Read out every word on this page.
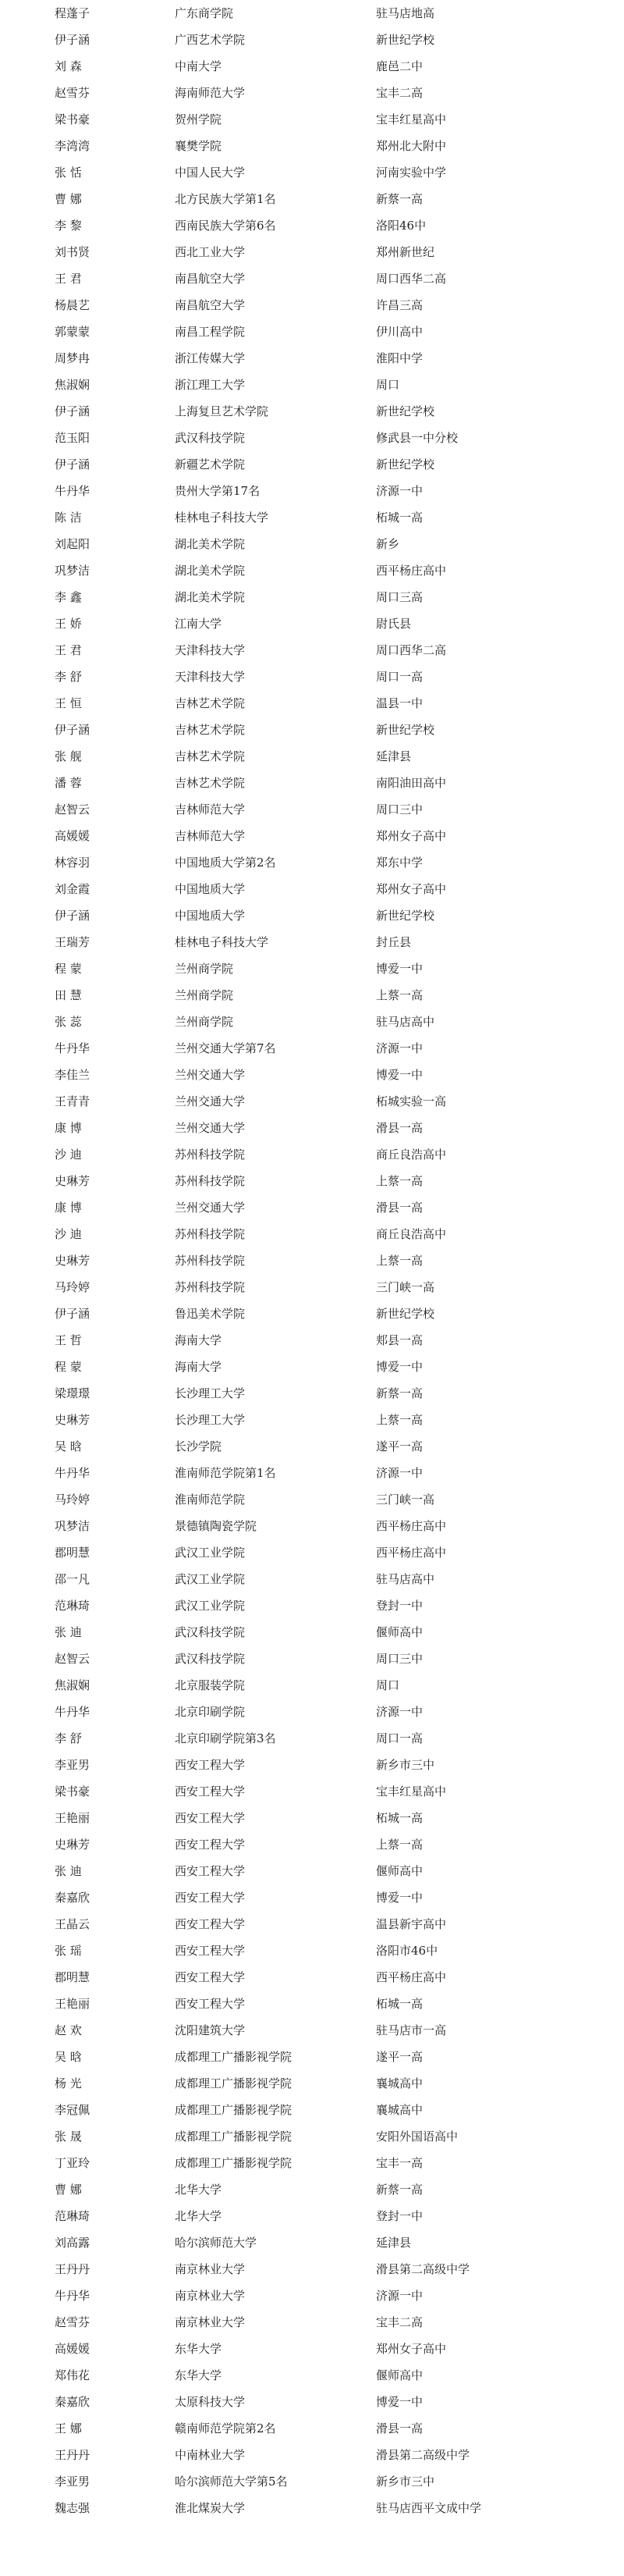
程蓬子	广东商学院	驻马店地高
伊子涵	广西艺术学院	新世纪学校
刘 森	中南大学	鹿邑二中
赵雪芬	海南师范大学	宝丰二高
梁书豪	贺州学院	宝丰红星高中
李湾湾	襄樊学院	郑州北大附中
张 恬	中国人民大学	河南实验中学
曹 娜	北方民族大学第1名	新蔡一高
李 黎	西南民族大学第6名	洛阳46中
刘书贤	西北工业大学	郑州新世纪
王 君	南昌航空大学	周口西华二高
杨晨艺	南昌航空大学	许昌三高
郭蒙蒙	南昌工程学院	伊川高中
周梦冉	浙江传媒大学	淮阳中学
焦淑娴	浙江理工大学	周口
伊子涵	上海复旦艺术学院	新世纪学校
范玉阳	武汉科技学院	修武县一中分校
伊子涵	新疆艺术学院	新世纪学校
牛丹华	贵州大学第17名	济源一中
陈 洁	桂林电子科技大学	柘城一高
刘起阳	湖北美术学院	新乡
巩梦洁	湖北美术学院	西平杨庄高中
李 鑫	湖北美术学院	周口三高
王 娇	江南大学	尉氏县
王 君	天津科技大学	周口西华二高
李 舒	天津科技大学	周口一高
王 恒	吉林艺术学院	温县一中
伊子涵	吉林艺术学院	新世纪学校
张 舰	吉林艺术学院	延津县
潘 蓉	吉林艺术学院	南阳油田高中
赵智云	吉林师范大学	周口三中
高媛媛	吉林师范大学	郑州女子高中
林容羽	中国地质大学第2名	郑东中学
刘金霞	中国地质大学	郑州女子高中
伊子涵	中国地质大学	新世纪学校
王瑞芳	桂林电子科技大学	封丘县
程 蒙	兰州商学院	博爱一中
田 慧	兰州商学院	上蔡一高
张 蕊	兰州商学院	驻马店高中
牛丹华	兰州交通大学第7名	济源一中
李佳兰	兰州交通大学	博爱一中
王青青	兰州交通大学	柘城实验一高
康 博	兰州交通大学	滑县一高
沙 迪	苏州科技学院	商丘良浩高中
史琳芳	苏州科技学院	上蔡一高
康 博	兰州交通大学	滑县一高
沙 迪	苏州科技学院	商丘良浩高中
史琳芳	苏州科技学院	上蔡一高
马玲婷	苏州科技学院	三门峡一高
伊子涵	鲁迅美术学院	新世纪学校
王 哲	海南大学	郏县一高
程 蒙	海南大学	博爱一中
梁璟璟	长沙理工大学	新蔡一高
史琳芳	长沙理工大学	上蔡一高
吴 晗	长沙学院	遂平一高
牛丹华	淮南师范学院第1名	济源一中
马玲婷	淮南师范学院	三门峡一高
巩梦洁	景德镇陶瓷学院	西平杨庄高中
郡明慧	武汉工业学院	西平杨庄高中
邵一凡	武汉工业学院	驻马店高中
范琳琦	武汉工业学院	登封一中
张 迪	武汉科技学院	偃师高中
赵智云	武汉科技学院	周口三中
焦淑娴	北京服装学院	周口
牛丹华	北京印刷学院	济源一中
李 舒	北京印刷学院第3名	周口一高
李亚男	西安工程大学	新乡市三中
梁书豪	西安工程大学	宝丰红星高中
王艳丽	西安工程大学	柘城一高
史琳芳	西安工程大学	上蔡一高
张 迪	西安工程大学	偃师高中
秦嘉欣	西安工程大学	博爱一中
王晶云	西安工程大学	温县新宇高中
张 瑶	西安工程大学	洛阳市46中
郡明慧	西安工程大学	西平杨庄高中
王艳丽	西安工程大学	柘城一高
赵 欢	沈阳建筑大学	驻马店市一高
吴 晗	成都理工广播影视学院	遂平一高
杨 光	成都理工广播影视学院	襄城高中
李冠佩	成都理工广播影视学院	襄城高中
张 晟	成都理工广播影视学院	安阳外国语高中
丁亚玲	成都理工广播影视学院	宝丰一高
曹 娜	北华大学	新蔡一高
范琳琦	北华大学	登封一中
刘高露	哈尔滨师范大学	延津县
王丹丹	南京林业大学	滑县第二高级中学
牛丹华	南京林业大学	济源一中
赵雪芬	南京林业大学	宝丰二高
高媛媛	东华大学	郑州女子高中
郑伟花	东华大学	偃师高中
秦嘉欣	太原科技大学	博爱一中
王 娜	赣南师范学院第2名	滑县一高
王丹丹	中南林业大学	滑县第二高级中学
李亚男	哈尔滨师范大学第5名	新乡市三中
魏志强	淮北煤炭大学	驻马店西平文成中学
